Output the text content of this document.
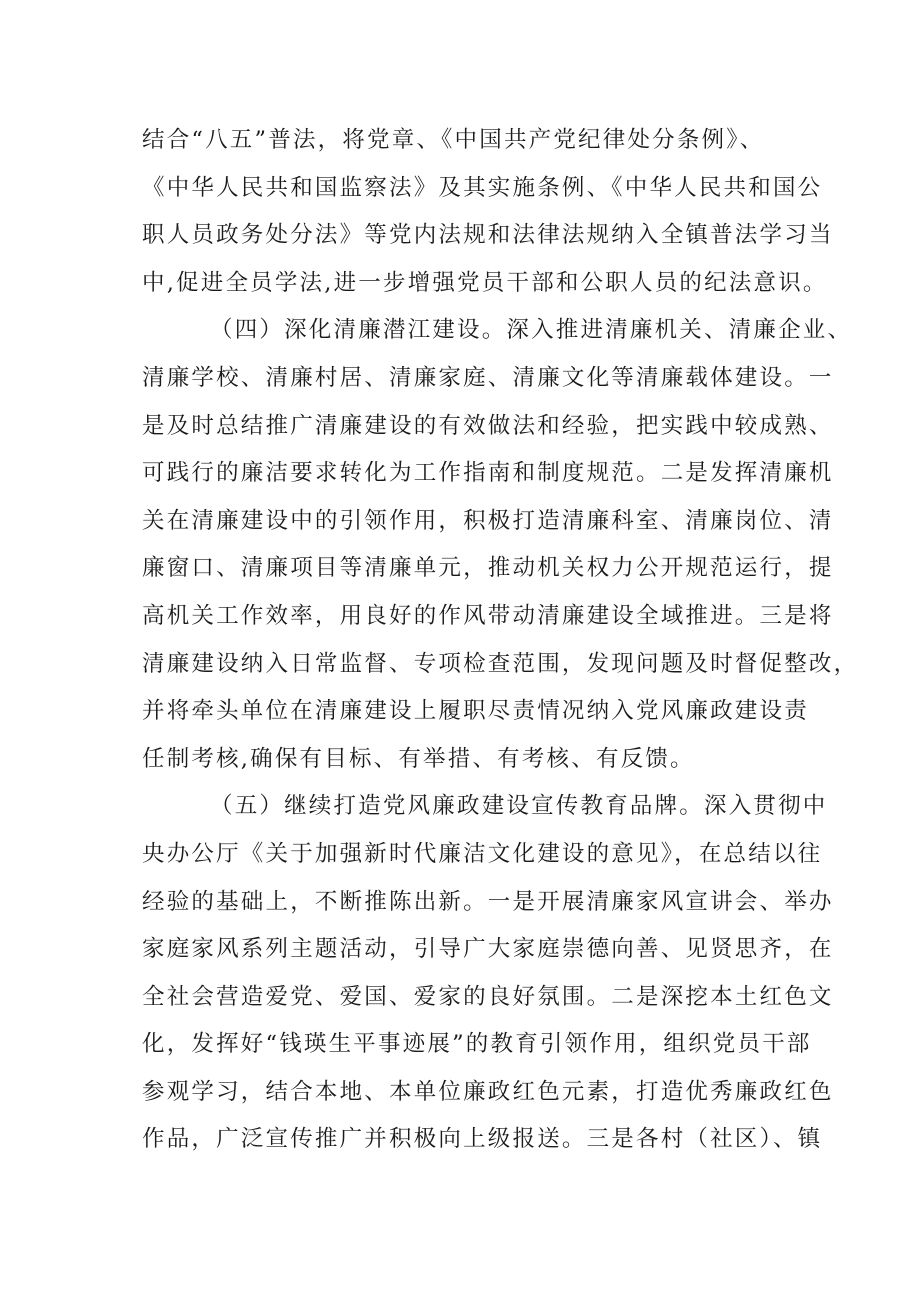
结合“八五”普法，将党章、《中国共产党纪律处分条例》、
《中华人民共和国监察法》及其实施条例、《中华人民共和国公
职人员政务处分法》等党内法规和法律法规纳入全镇普法学习当
中,促进全员学法,进一步增强党员干部和公职人员的纪法意识。
（四）深化清廉潜江建设。深入推进清廉机关、清廉企业、
清廉学校、清廉村居、清廉家庭、清廉文化等清廉载体建设。一
是及时总结推广清廉建设的有效做法和经验，把实践中较成熟、
可践行的廉洁要求转化为工作指南和制度规范。二是发挥清廉机
关在清廉建设中的引领作用，积极打造清廉科室、清廉岗位、清
廉窗口、清廉项目等清廉单元，推动机关权力公开规范运行，提
高机关工作效率，用良好的作风带动清廉建设全域推进。三是将
清廉建设纳入日常监督、专项检查范围，发现问题及时督促整改，
并将牵头单位在清廉建设上履职尽责情况纳入党风廉政建设责
任制考核,确保有目标、有举措、有考核、有反馈。
（五）继续打造党风廉政建设宣传教育品牌。深入贯彻中
央办公厅《关于加强新时代廉洁文化建设的意见》，在总结以往
经验的基础上，不断推陈出新。一是开展清廉家风宣讲会、举办
家庭家风系列主题活动，引导广大家庭崇德向善、见贤思齐，在
全社会营造爱党、爱国、爱家的良好氛围。二是深挖本土红色文
化，发挥好“钱瑛生平事迹展”的教育引领作用，组织党员干部
参观学习，结合本地、本单位廉政红色元素，打造优秀廉政红色
作品，广泛宣传推广并积极向上级报送。三是各村（社区）、镇
